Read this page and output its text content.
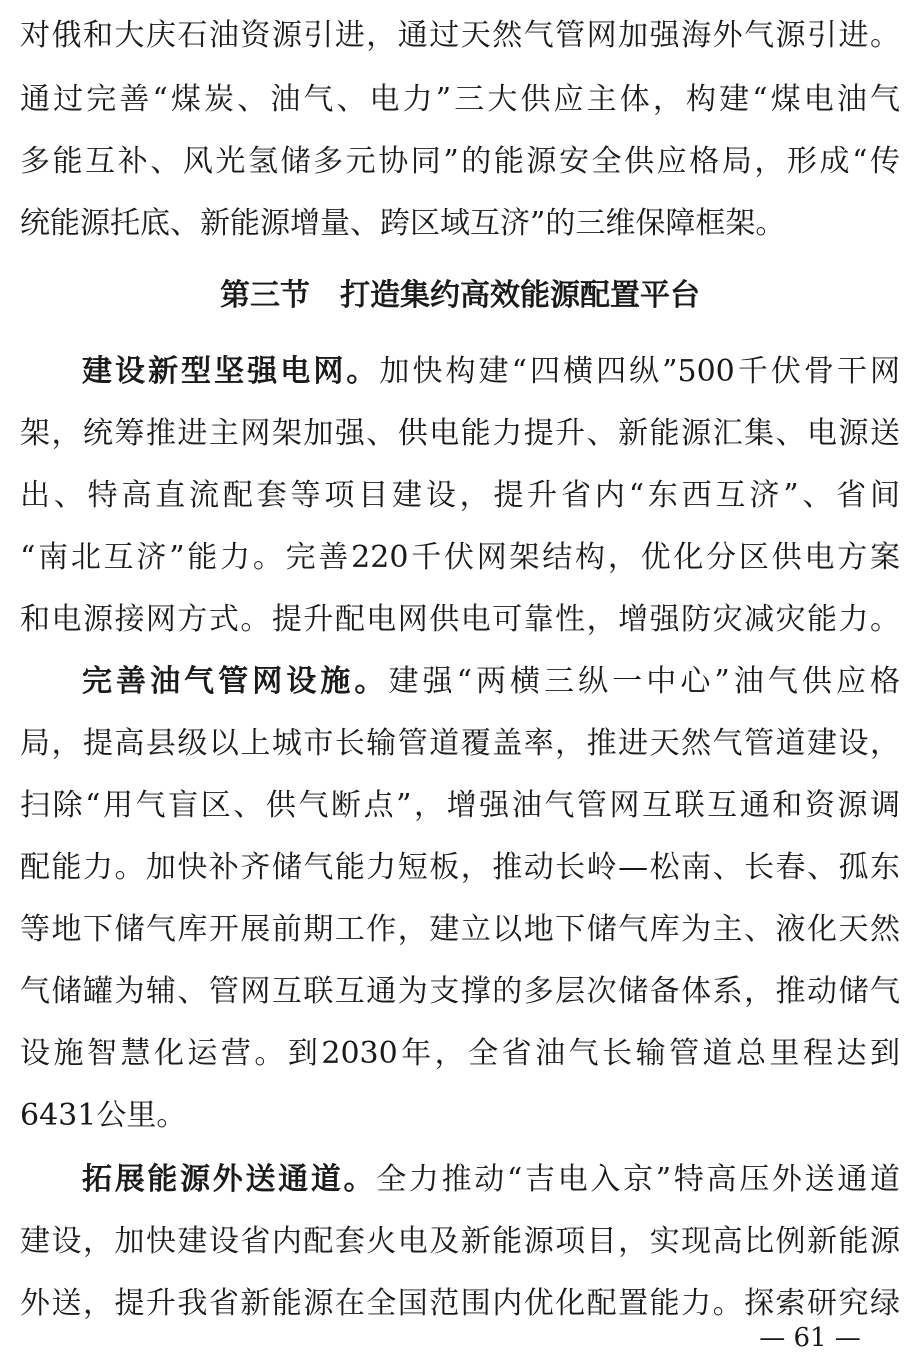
对俄和大庆石油资源引进，通过天然气管网加强海外气源引进。
通过完善“煤炭、油气、电力”三大供应主体，构建“煤电油气
多能互补、风光氢储多元协同”的能源安全供应格局，形成“传
统能源托底、新能源增量、跨区域互济”的三维保障框架。
第三节 打造集约高效能源配置平台
建设新型坚强电网。加快构建“四横四纵”500千伏骨干网
架，统筹推进主网架加强、供电能力提升、新能源汇集、电源送
出、特高直流配套等项目建设，提升省内“东西互济”、省间
“南北互济”能力。完善220千伏网架结构，优化分区供电方案
和电源接网方式。提升配电网供电可靠性，增强防灾减灾能力。
完善油气管网设施。建强“两横三纵一中心”油气供应格
局，提高县级以上城市长输管道覆盖率，推进天然气管道建设，
扫除“用气盲区、供气断点”，增强油气管网互联互通和资源调
配能力。加快补齐储气能力短板，推动长岭—松南、长春、孤东
等地下储气库开展前期工作，建立以地下储气库为主、液化天然
气储罐为辅、管网互联互通为支撑的多层次储备体系，推动储气
设施智慧化运营。到2030年，全省油气长输管道总里程达到
6431公里。
拓展能源外送通道。全力推动“吉电入京”特高压外送通道
建设，加快建设省内配套火电及新能源项目，实现高比例新能源
外送，提升我省新能源在全国范围内优化配置能力。探索研究绿
— 61 —
